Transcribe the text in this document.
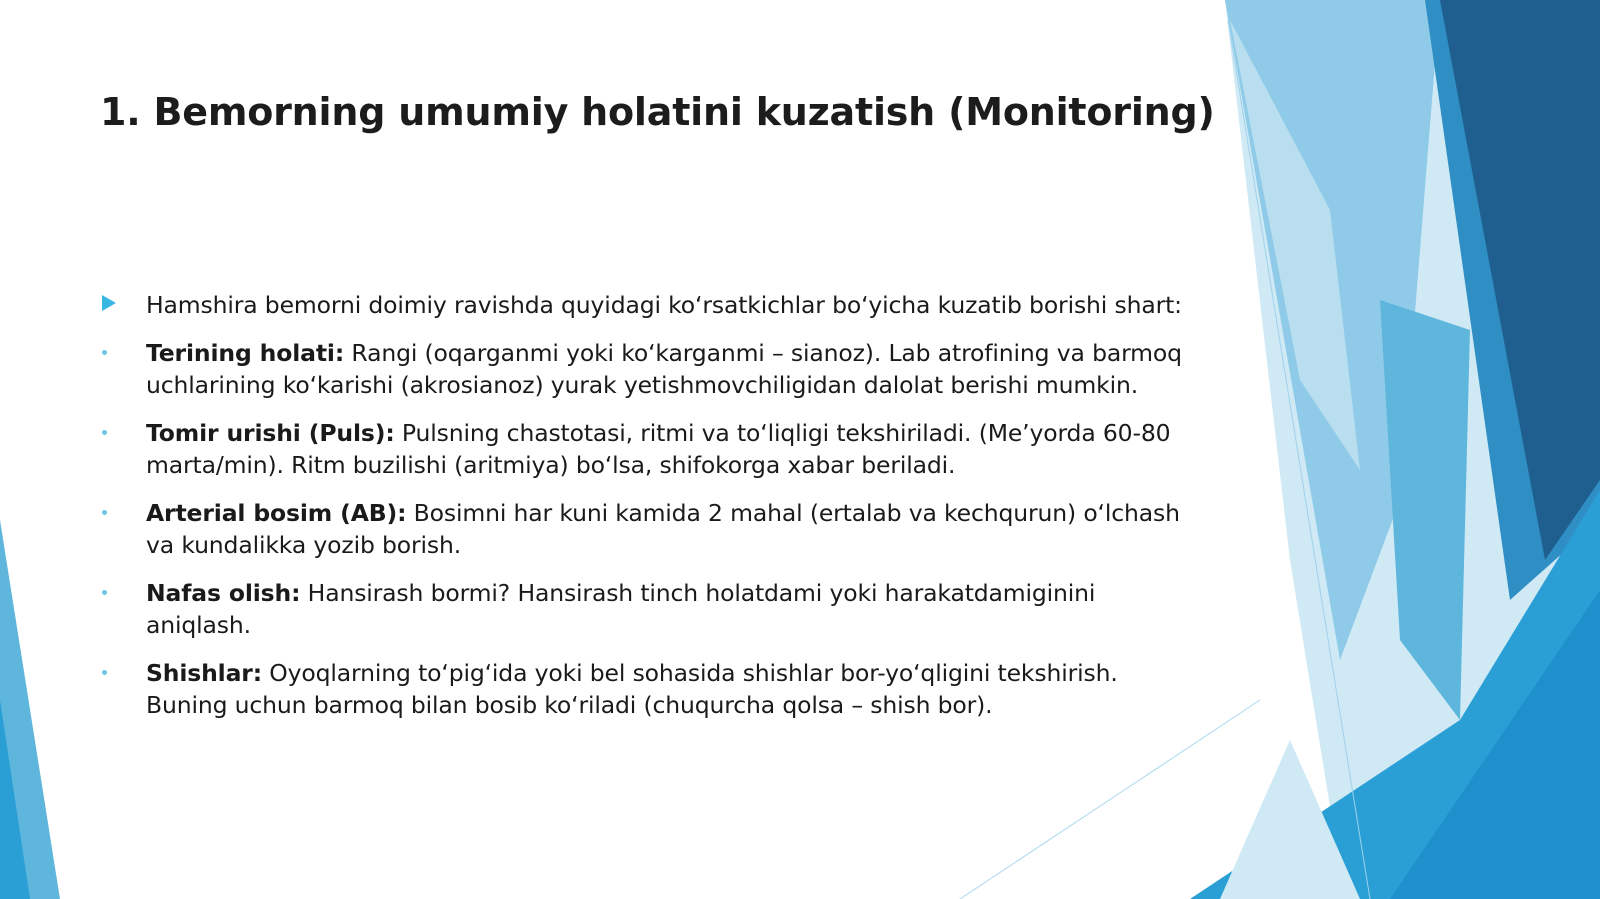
1. Bemorning umumiy holatini kuzatish (Monitoring)
Hamshira bemorni doimiy ravishda quyidagi ko‘rsatkichlar bo‘yicha kuzatib borishi shart:
Terining holati: Rangi (oqarganmi yoki ko‘karganmi – sianoz). Lab atrofining va barmoq uchlarining ko‘karishi (akrosianoz) yurak yetishmovchiligidan dalolat berishi mumkin.
Tomir urishi (Puls): Pulsning chastotasi, ritmi va to‘liqligi tekshiriladi. (Me’yorda 60-80 marta/min). Ritm buzilishi (aritmiya) bo‘lsa, shifokorga xabar beriladi.
Arterial bosim (AB): Bosimni har kuni kamida 2 mahal (ertalab va kechqurun) o‘lchash va kundalikka yozib borish.
Nafas olish: Hansirash bormi? Hansirash tinch holatdami yoki harakatdamiginini aniqlash.
Shishlar: Oyoqlarning to‘pig‘ida yoki bel sohasida shishlar bor-yo‘qligini tekshirish. Buning uchun barmoq bilan bosib ko‘riladi (chuqurcha qolsa – shish bor).
